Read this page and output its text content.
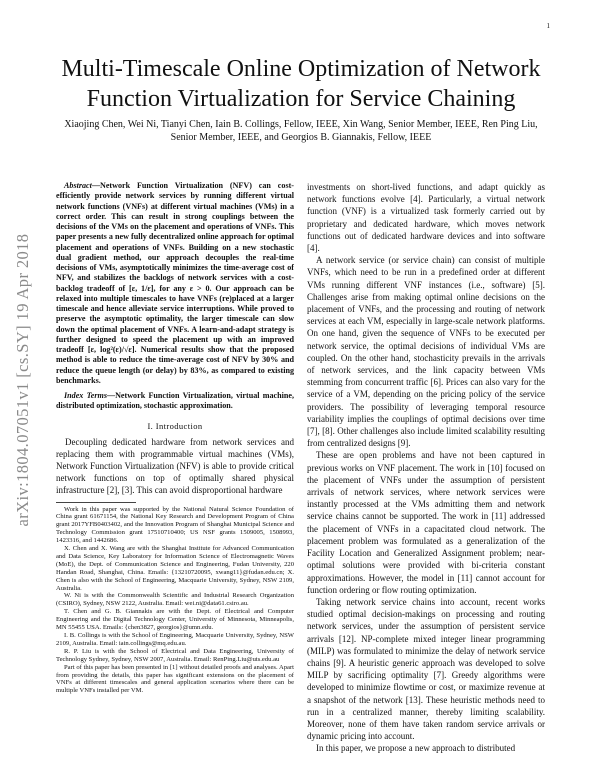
1
arXiv:1804.07051v1 [cs.SY] 19 Apr 2018
Multi-Timescale Online Optimization of Network Function Virtualization for Service Chaining
Xiaojing Chen, Wei Ni, Tianyi Chen, Iain B. Collings, Fellow, IEEE, Xin Wang, Senior Member, IEEE, Ren Ping Liu, Senior Member, IEEE, and Georgios B. Giannakis, Fellow, IEEE

Abstract—Network Function Virtualization (NFV) can cost-efficiently provide network services by running different virtual network functions (VNFs) at different virtual machines (VMs) in a correct order. This can result in strong couplings between the decisions of the VMs on the placement and operations of VNFs. This paper presents a new fully decentralized online approach for optimal placement and operations of VNFs. Building on a new stochastic dual gradient method, our approach decouples the real-time decisions of VMs, asymptotically minimizes the time-average cost of NFV, and stabilizes the backlogs of network services with a cost-backlog tradeoff of [ε, 1/ε], for any ε > 0. Our approach can be relaxed into multiple timescales to have VNFs (re)placed at a larger timescale and hence alleviate service interruptions. While proved to preserve the asymptotic optimality, the larger timescale can slow down the optimal placement of VNFs. A learn-and-adapt strategy is further designed to speed the placement up with an improved tradeoff [ε, log²(ε)/√ε]. Numerical results show that the proposed method is able to reduce the time-average cost of NFV by 30% and reduce the queue length (or delay) by 83%, as compared to existing benchmarks.

Index Terms—Network Function Virtualization, virtual machine, distributed optimization, stochastic approximation.

I. Introduction

Decoupling dedicated hardware from network services and replacing them with programmable virtual machines (VMs), Network Function Virtualization (NFV) is able to provide critical network functions on top of optimally shared physical infrastructure [2], [3]. This can avoid disproportional hardware

Work in this paper was supported by the National Natural Science Foundation of China grant 61671154, the National Key Research and Development Program of China grant 2017YFB0403402, and the Innovation Program of Shanghai Municipal Science and Technology Commission grant 17510710400; US NSF grants 1509005, 1508993, 1423316, and 1442686.

X. Chen and X. Wang are with the Shanghai Institute for Advanced Communication and Data Science, Key Laboratory for Information Science of Electromagnetic Waves (MoE), the Dept. of Communication Science and Engineering, Fudan University, 220 Handan Road, Shanghai, China. Emails: {13210720095, xwang11}@fudan.edu.cn; X. Chen is also with the School of Engineering, Macquarie University, Sydney, NSW 2109, Australia.

W. Ni is with the Commonwealth Scientific and Industrial Research Organization (CSIRO), Sydney, NSW 2122, Australia. Email: wei.ni@data61.csiro.au.

T. Chen and G. B. Giannakis are with the Dept. of Electrical and Computer Engineering and the Digital Technology Center, University of Minnesota, Minneapolis, MN 55455 USA. Emails: {chen3827, georgios}@umn.edu.

I. B. Collings is with the School of Engineering, Macquarie University, Sydney, NSW 2109, Australia. Email: iain.collings@mq.edu.au.

R. P. Liu is with the School of Electrical and Data Engineering, University of Technology Sydney, Sydney, NSW 2007, Australia. Email: RenPing.Liu@uts.edu.au

Part of this paper has been presented in [1] without detailed proofs and analyses. Apart from providing the details, this paper has significant extensions on the placement of VNFs at different timescales and general application scenarios where there can be multiple VNFs installed per VM.

investments on short-lived functions, and adapt quickly as network functions evolve [4]. Particularly, a virtual network function (VNF) is a virtualized task formerly carried out by proprietary and dedicated hardware, which moves network functions out of dedicated hardware devices and into software [4].

A network service (or service chain) can consist of multiple VNFs, which need to be run in a predefined order at different VMs running different VNF instances (i.e., software) [5]. Challenges arise from making optimal online decisions on the placement of VNFs, and the processing and routing of network services at each VM, especially in large-scale network platforms. On one hand, given the sequence of VNFs to be executed per network service, the optimal decisions of individual VMs are coupled. On the other hand, stochasticity prevails in the arrivals of network services, and the link capacity between VMs stemming from concurrent traffic [6]. Prices can also vary for the service of a VM, depending on the pricing policy of the service providers. The possibility of leveraging temporal resource variability implies the couplings of optimal decisions over time [7], [8]. Other challenges also include limited scalability resulting from centralized designs [9].

These are open problems and have not been captured in previous works on VNF placement. The work in [10] focused on the placement of VNFs under the assumption of persistent arrivals of network services, where network services were instantly processed at the VMs admitting them and network service chains cannot be supported. The work in [11] addressed the placement of VNFs in a capacitated cloud network. The placement problem was formulated as a generalization of the Facility Location and Generalized Assignment problem; near-optimal solutions were provided with bi-criteria constant approximations. However, the model in [11] cannot account for function ordering or flow routing optimization.

Taking network service chains into account, recent works studied optimal decision-makings on processing and routing network services, under the assumption of persistent service arrivals [12]. NP-complete mixed integer linear programming (MILP) was formulated to minimize the delay of network service chains [9]. A heuristic generic approach was developed to solve MILP by sacrificing optimality [7]. Greedy algorithms were developed to minimize flowtime or cost, or maximize revenue at a snapshot of the network [13]. These heuristic methods need to run in a centralized manner, thereby limiting scalability. Moreover, none of them have taken random service arrivals or dynamic pricing into account.

In this paper, we propose a new approach to distributed
